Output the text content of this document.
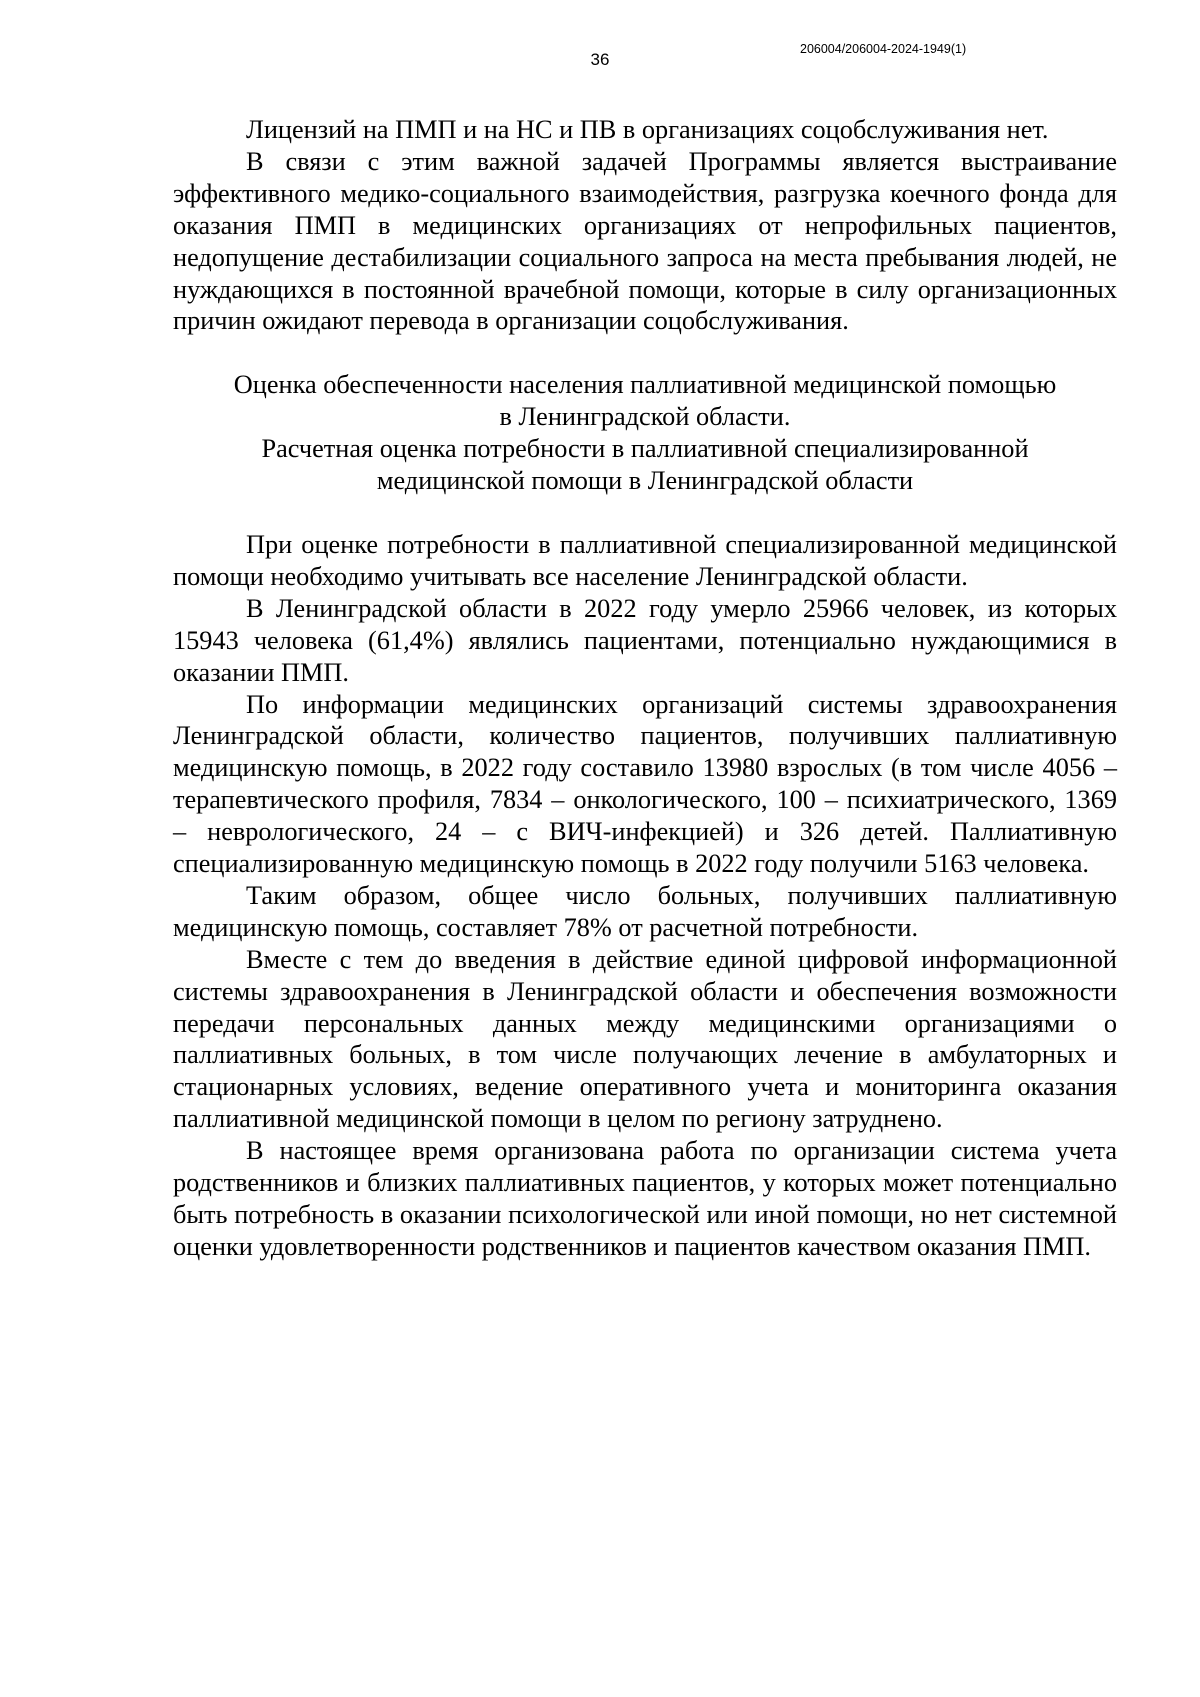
36
206004/206004-2024-1949(1)

Лицензий на ПМП и на НС и ПВ в организациях соцобслуживания нет.

В связи с этим важной задачей Программы является выстраивание эффективного медико-социального взаимодействия, разгрузка коечного фонда для оказания ПМП в медицинских организациях от непрофильных пациентов, недопущение дестабилизации социального запроса на места пребывания людей, не нуждающихся в постоянной врачебной помощи, которые в силу организационных причин ожидают перевода в организации соцобслуживания.

Оценка обеспеченности населения паллиативной медицинской помощью
в Ленинградской области.
Расчетная оценка потребности в паллиативной специализированной
медицинской помощи в Ленинградской области

При оценке потребности в паллиативной специализированной медицинской помощи необходимо учитывать все население Ленинградской области.

В Ленинградской области в 2022 году умерло 25966 человек, из которых 15943 человека (61,4%) являлись пациентами, потенциально нуждающимися в оказании ПМП.

По информации медицинских организаций системы здравоохранения Ленинградской области, количество пациентов, получивших паллиативную медицинскую помощь, в 2022 году составило 13980 взрослых (в том числе 4056 – терапевтического профиля, 7834 – онкологического, 100 – психиатрического, 1369 – неврологического, 24 – с ВИЧ-инфекцией) и 326 детей. Паллиативную специализированную медицинскую помощь в 2022 году получили 5163 человека.

Таким образом, общее число больных, получивших паллиативную медицинскую помощь, составляет 78% от расчетной потребности.

Вместе с тем до введения в действие единой цифровой информационной системы здравоохранения в Ленинградской области и обеспечения возможности передачи персональных данных между медицинскими организациями о паллиативных больных, в том числе получающих лечение в амбулаторных и стационарных условиях, ведение оперативного учета и мониторинга оказания паллиативной медицинской помощи в целом по региону затруднено.

В настоящее время организована работа по организации система учета родственников и близких паллиативных пациентов, у которых может потенциально быть потребность в оказании психологической или иной помощи, но нет системной оценки удовлетворенности родственников и пациентов качеством оказания ПМП.
